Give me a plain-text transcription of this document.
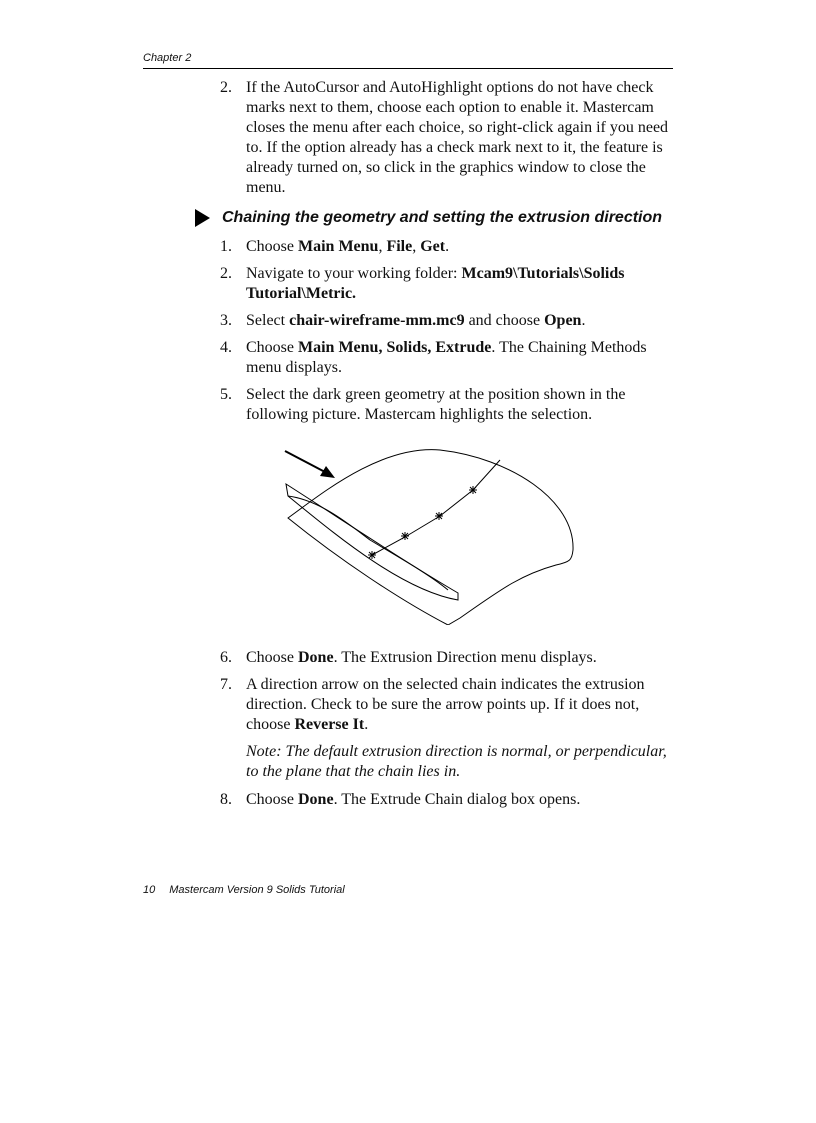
Chapter 2
2. If the AutoCursor and AutoHighlight options do not have check marks next to them, choose each option to enable it. Mastercam closes the menu after each choice, so right-click again if you need to. If the option already has a check mark next to it, the feature is already turned on, so click in the graphics window to close the menu.
Chaining the geometry and setting the extrusion direction
1. Choose Main Menu, File, Get.
2. Navigate to your working folder: Mcam9\Tutorials\Solids Tutorial\Metric.
3. Select chair-wireframe-mm.mc9 and choose Open.
4. Choose Main Menu, Solids, Extrude. The Chaining Methods menu displays.
5. Select the dark green geometry at the position shown in the following picture. Mastercam highlights the selection.
6. Choose Done. The Extrusion Direction menu displays.
7. A direction arrow on the selected chain indicates the extrusion direction. Check to be sure the arrow points up. If it does not, choose Reverse It.
Note: The default extrusion direction is normal, or perpendicular, to the plane that the chain lies in.
8. Choose Done. The Extrude Chain dialog box opens.
10 Mastercam Version 9 Solids Tutorial
